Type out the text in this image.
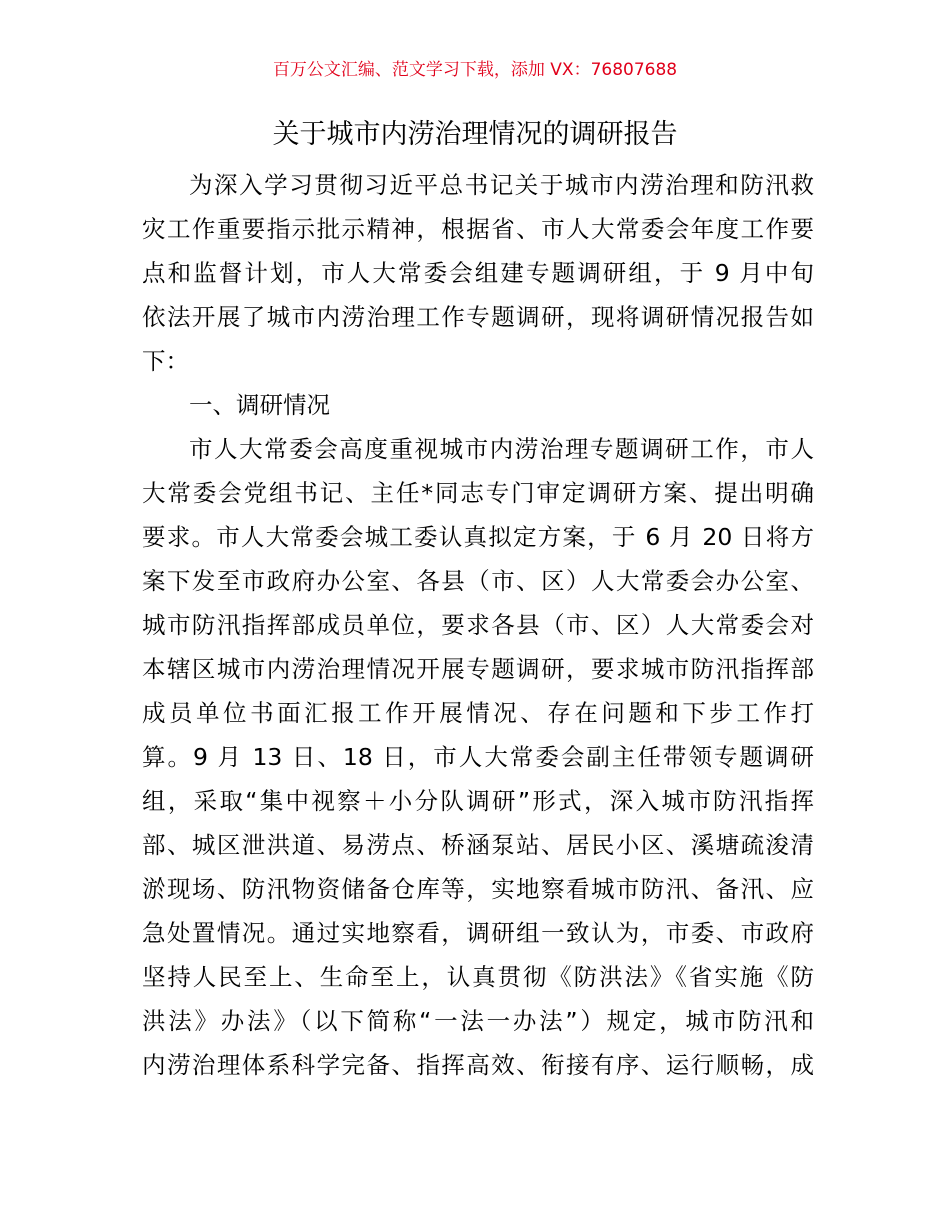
百万公文汇编、范文学习下载，添加 VX：76807688
关于城市内涝治理情况的调研报告
为深入学习贯彻习近平总书记关于城市内涝治理和防汛救
灾工作重要指示批示精神，根据省、市人大常委会年度工作要
点和监督计划，市人大常委会组建专题调研组，于 9 月中旬
依法开展了城市内涝治理工作专题调研，现将调研情况报告如
下：
一、调研情况
市人大常委会高度重视城市内涝治理专题调研工作，市人
大常委会党组书记、主任*同志专门审定调研方案、提出明确
要求。市人大常委会城工委认真拟定方案，于 6 月 20 日将方
案下发至市政府办公室、各县（市、区）人大常委会办公室、
城市防汛指挥部成员单位，要求各县（市、区）人大常委会对
本辖区城市内涝治理情况开展专题调研，要求城市防汛指挥部
成员单位书面汇报工作开展情况、存在问题和下步工作打
算。9 月 13 日、18 日，市人大常委会副主任带领专题调研
组，采取“集中视察＋小分队调研”形式，深入城市防汛指挥
部、城区泄洪道、易涝点、桥涵泵站、居民小区、溪塘疏浚清
淤现场、防汛物资储备仓库等，实地察看城市防汛、备汛、应
急处置情况。通过实地察看，调研组一致认为，市委、市政府
坚持人民至上、生命至上，认真贯彻《防洪法》《省实施《防
洪法》办法》（以下简称“一法一办法”）规定，城市防汛和
内涝治理体系科学完备、指挥高效、衔接有序、运行顺畅，成
